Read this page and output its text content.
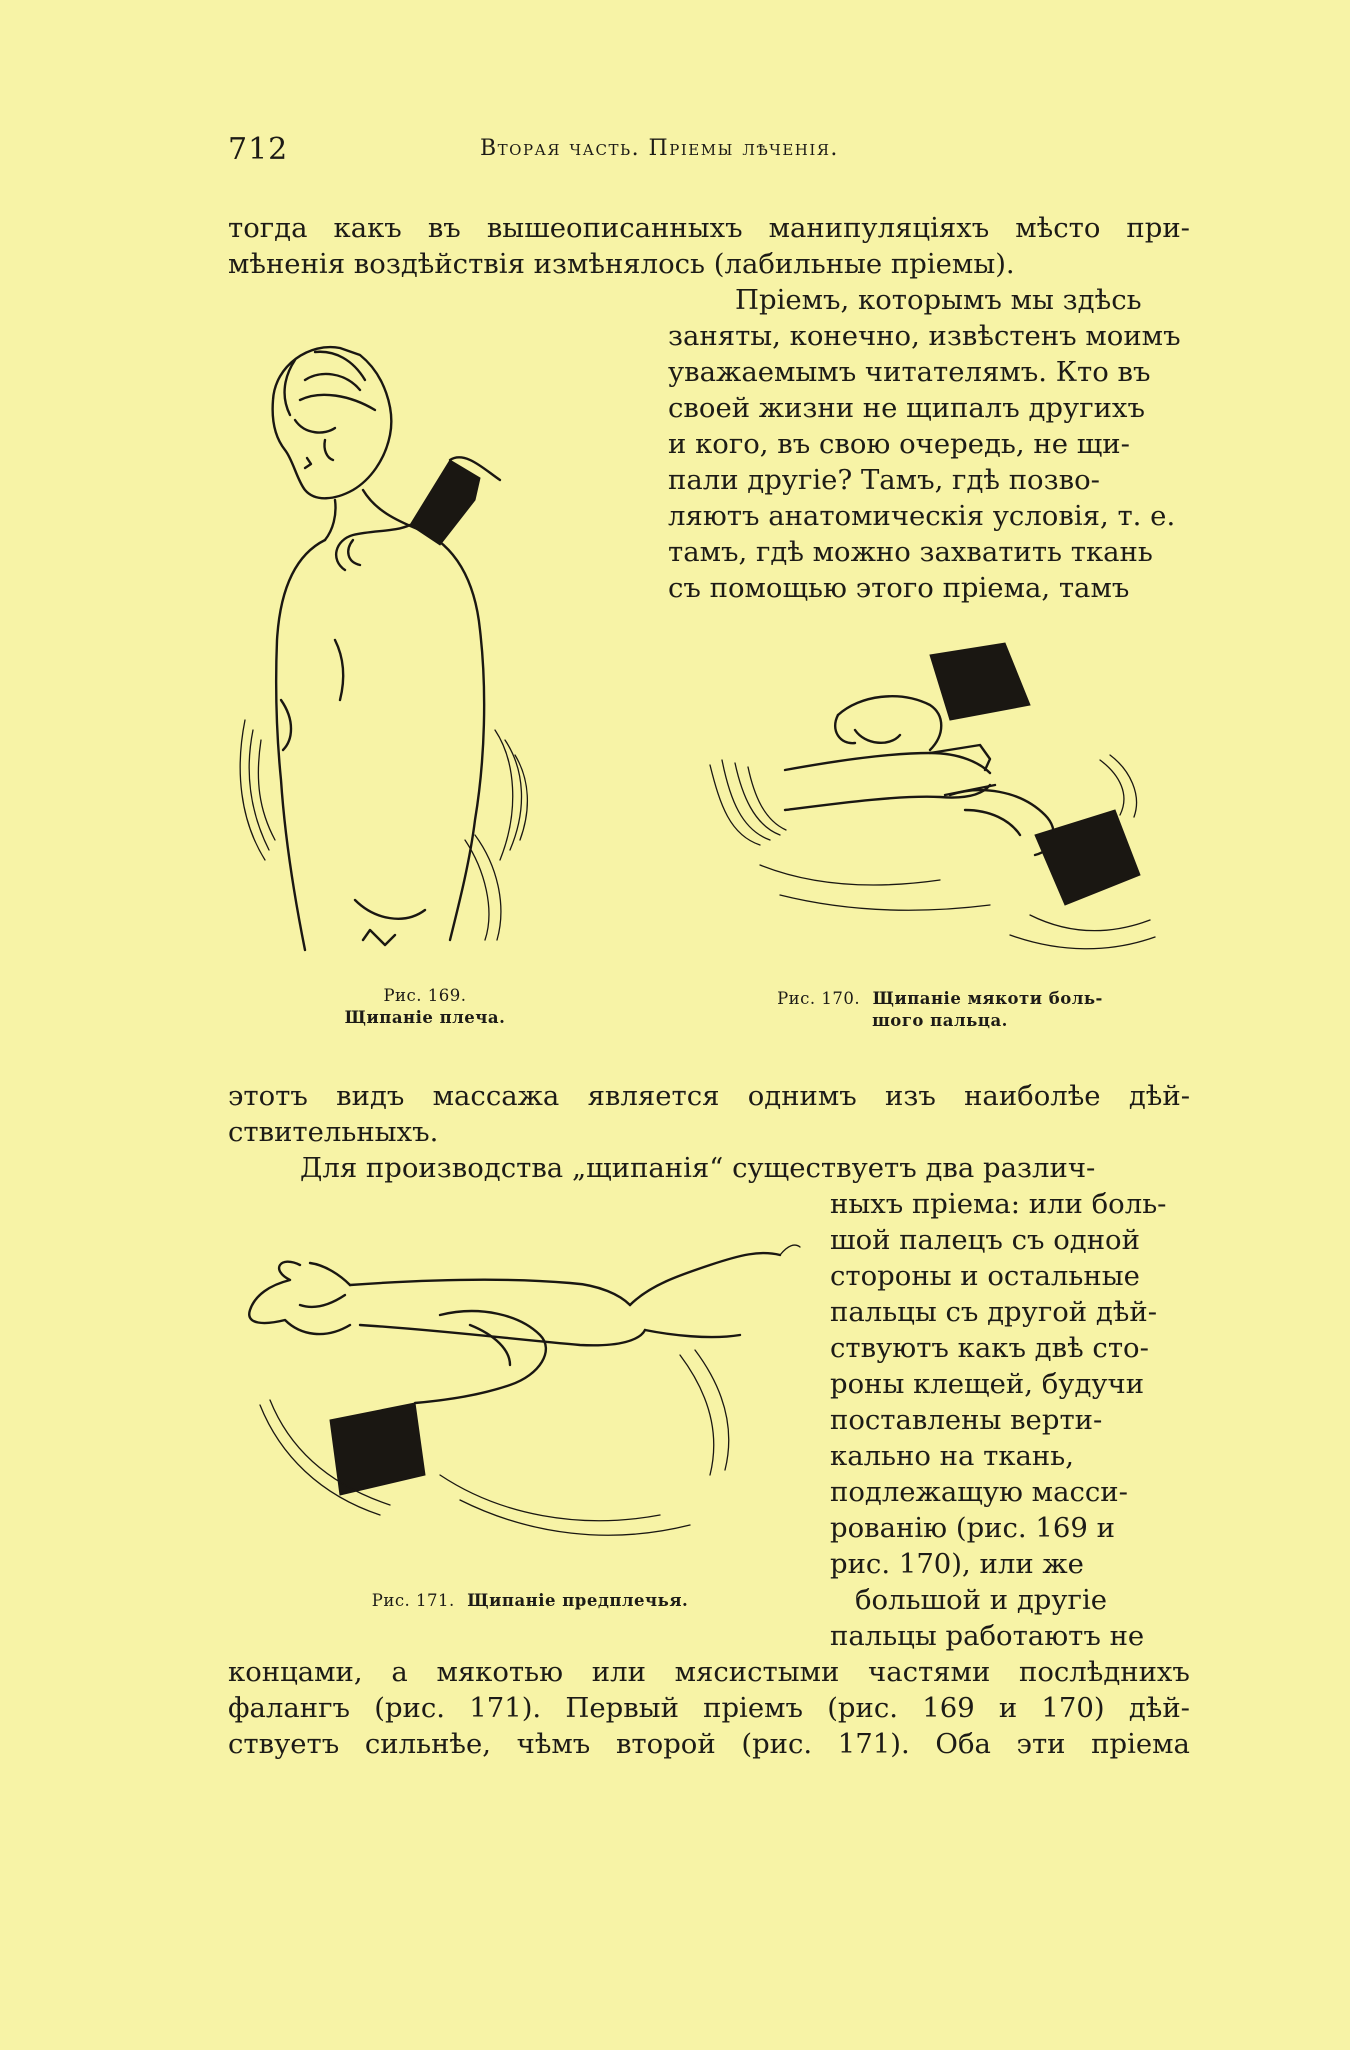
712	Вторая часть. Пріемы лѣченія.
тогда какъ въ вышеописанныхъ манипуляціяхъ мѣсто при-
мѣненія воздѣйствія измѣнялось (лабильные пріемы).
Пріемъ, которымъ мы здѣсь
заняты, конечно, извѣстенъ моимъ
уважаемымъ читателямъ. Кто въ
своей жизни не щипалъ другихъ
и кого, въ свою очередь, не щи-
пали другіе? Тамъ, гдѣ позво-
ляютъ анатомическія условія, т. е.
тамъ, гдѣ можно захватить ткань
съ помощью этого пріема, тамъ
Рис. 169.
Щипаніе плеча.
Рис. 170. Щипаніе мякоти боль-
шого пальца.
этотъ видъ массажа является однимъ изъ наиболѣе дѣй-
ствительныхъ.
Для производства „щипанія“ существуетъ два различ-
ныхъ пріема: или боль-
шой палецъ съ одной
стороны и остальные
пальцы съ другой дѣй-
ствуютъ какъ двѣ сто-
роны клещей, будучи
поставлены верти-
кально на ткань,
подлежащую масси-
рованію (рис. 169 и
рис. 170), или же
большой и другіе
пальцы работаютъ не
концами, а мякотью или мясистыми частями послѣднихъ
фалангъ (рис. 171). Первый пріемъ (рис. 169 и 170) дѣй-
ствуетъ сильнѣе, чѣмъ второй (рис. 171). Оба эти пріема
Рис. 171. Щипаніе предплечья.
